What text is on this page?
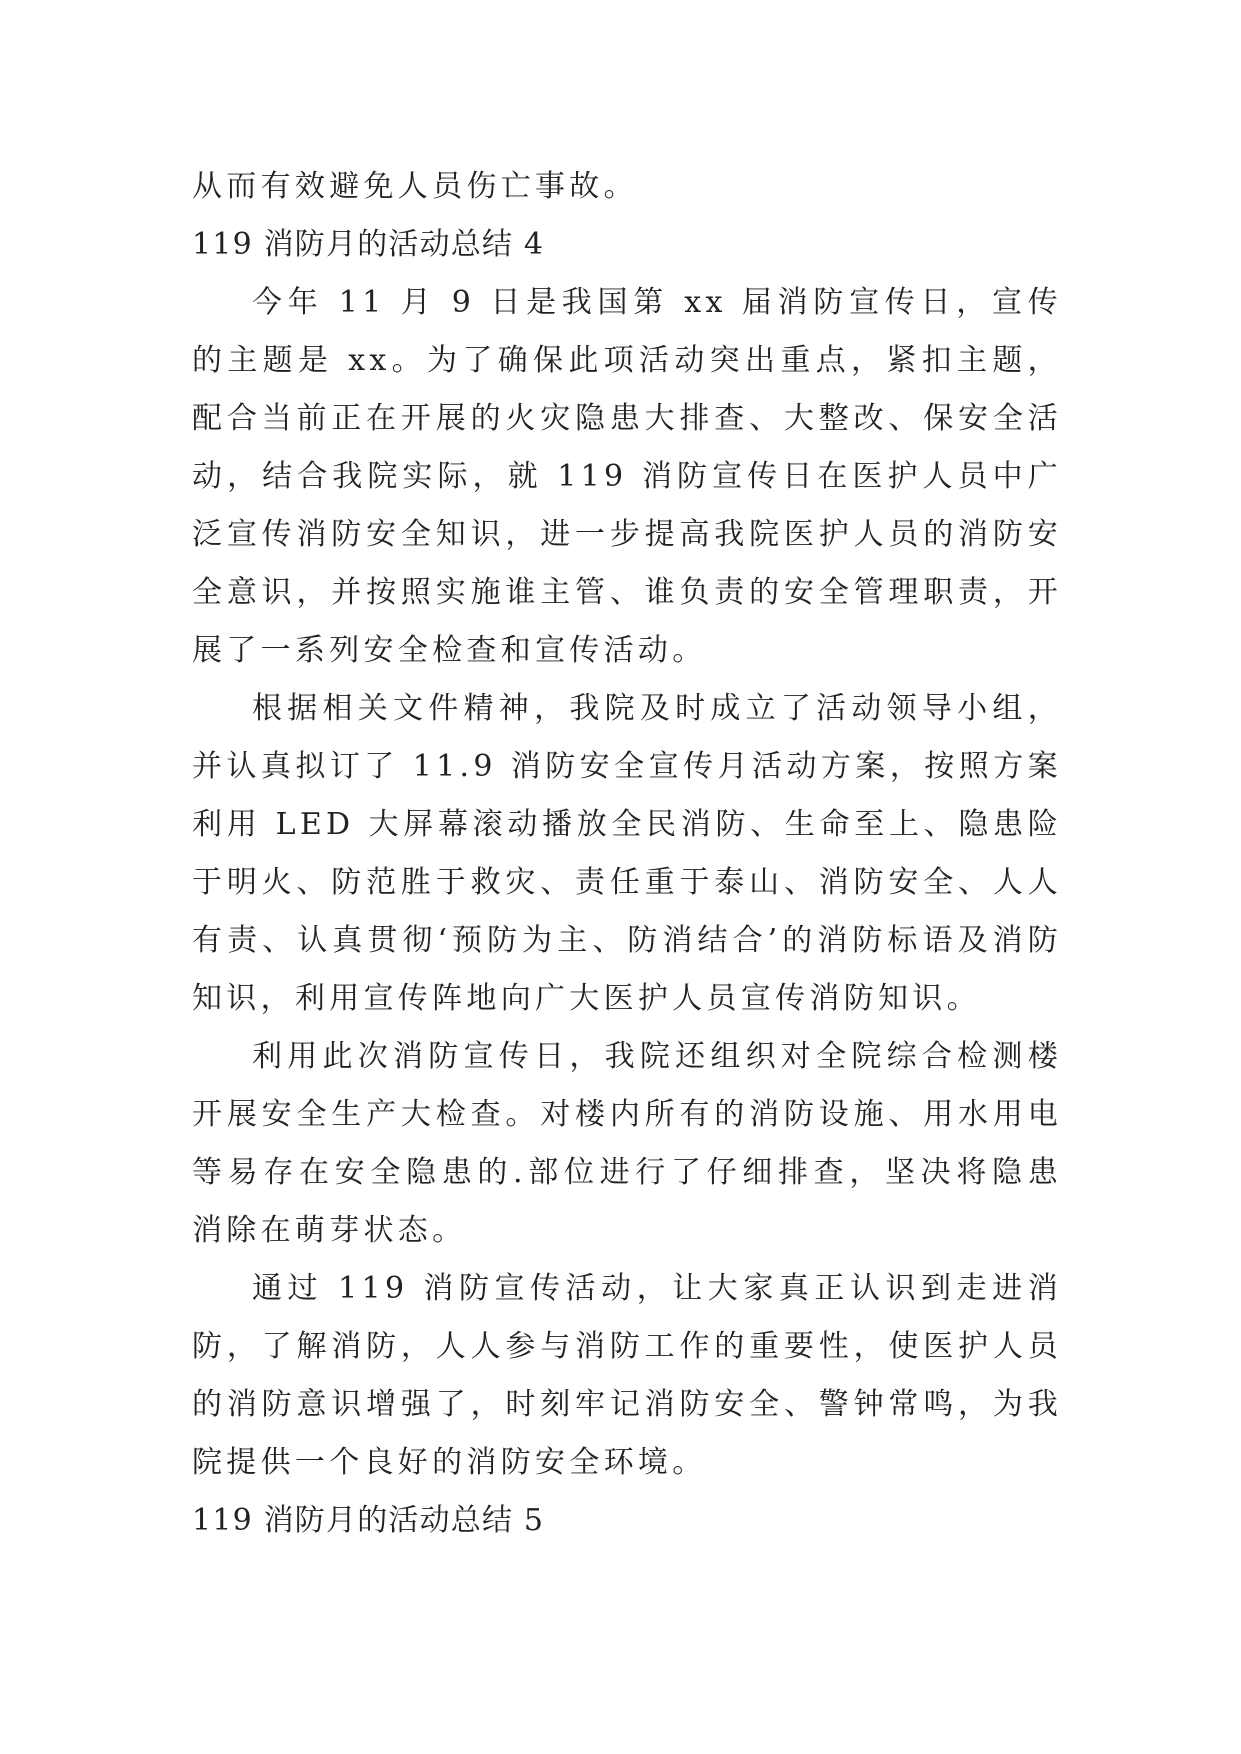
从而有效避免人员伤亡事故。
119 消防月的活动总结 4

今年 11 月 9 日是我国第 xx 届消防宣传日，宣传的主题是 xx。为了确保此项活动突出重点，紧扣主题，配合当前正在开展的火灾隐患大排查、大整改、保安全活动，结合我院实际，就 119 消防宣传日在医护人员中广泛宣传消防安全知识，进一步提高我院医护人员的消防安全意识，并按照实施谁主管、谁负责的安全管理职责，开展了一系列安全检查和宣传活动。

根据相关文件精神，我院及时成立了活动领导小组，并认真拟订了 11.9 消防安全宣传月活动方案，按照方案利用 LED 大屏幕滚动播放全民消防、生命至上、隐患险于明火、防范胜于救灾、责任重于泰山、消防安全、人人有责、认真贯彻‘预防为主、防消结合’的消防标语及消防知识，利用宣传阵地向广大医护人员宣传消防知识。

利用此次消防宣传日，我院还组织对全院综合检测楼开展安全生产大检查。对楼内所有的消防设施、用水用电等易存在安全隐患的.部位进行了仔细排查，坚决将隐患消除在萌芽状态。

通过 119 消防宣传活动，让大家真正认识到走进消防，了解消防，人人参与消防工作的重要性，使医护人员的消防意识增强了，时刻牢记消防安全、警钟常鸣，为我院提供一个良好的消防安全环境。

119 消防月的活动总结 5
